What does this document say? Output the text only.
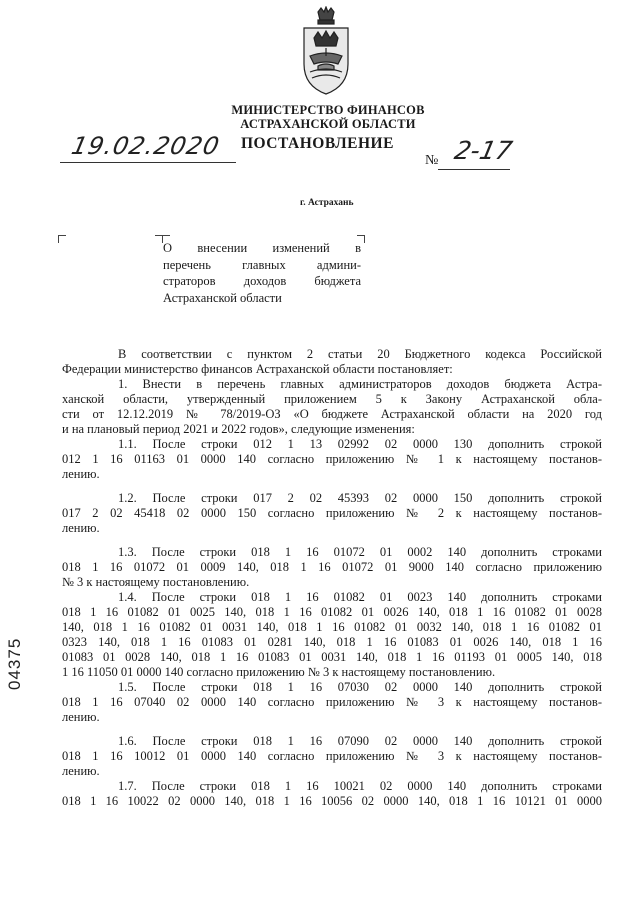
МИНИСТЕРСТВО ФИНАНСОВ
АСТРАХАНСКОЙ ОБЛАСТИ
19.02.2020 ПОСТАНОВЛЕНИЕ
№ 2-17
г. Астрахань
О внесении изменений в
перечень главных админи-
страторов доходов бюджета
Астраханской области
В соответствии с пунктом 2 статьи 20 Бюджетного кодекса Российской
Федерации министерство финансов Астраханской области постановляет:
1. Внести в перечень главных администраторов доходов бюджета Астра-
ханской области, утвержденный приложением 5 к Закону Астраханской обла-
сти от 12.12.2019 № 78/2019-ОЗ «О бюджете Астраханской области на 2020 год
и на плановый период 2021 и 2022 годов», следующие изменения:
1.1. После строки 012 1 13 02992 02 0000 130 дополнить строкой
012 1 16 01163 01 0000 140 согласно приложению № 1 к настоящему постанов-
лению.
1.2. После строки 017 2 02 45393 02 0000 150 дополнить строкой
017 2 02 45418 02 0000 150 согласно приложению № 2 к настоящему постанов-
лению.
1.3. После строки 018 1 16 01072 01 0002 140 дополнить строками
018 1 16 01072 01 0009 140, 018 1 16 01072 01 9000 140 согласно приложению
№ 3 к настоящему постановлению.
1.4. После строки 018 1 16 01082 01 0023 140 дополнить строками
018 1 16 01082 01 0025 140, 018 1 16 01082 01 0026 140, 018 1 16 01082 01 0028
140, 018 1 16 01082 01 0031 140, 018 1 16 01082 01 0032 140, 018 1 16 01082 01
0323 140, 018 1 16 01083 01 0281 140, 018 1 16 01083 01 0026 140, 018 1 16
01083 01 0028 140, 018 1 16 01083 01 0031 140, 018 1 16 01193 01 0005 140, 018
1 16 11050 01 0000 140 согласно приложению № 3 к настоящему постановлению.
1.5. После строки 018 1 16 07030 02 0000 140 дополнить строкой
018 1 16 07040 02 0000 140 согласно приложению № 3 к настоящему постанов-
лению.
1.6. После строки 018 1 16 07090 02 0000 140 дополнить строкой
018 1 16 10012 01 0000 140 согласно приложению № 3 к настоящему постанов-
лению.
1.7. После строки 018 1 16 10021 02 0000 140 дополнить строками
018 1 16 10022 02 0000 140, 018 1 16 10056 02 0000 140, 018 1 16 10121 01 0000
04375
